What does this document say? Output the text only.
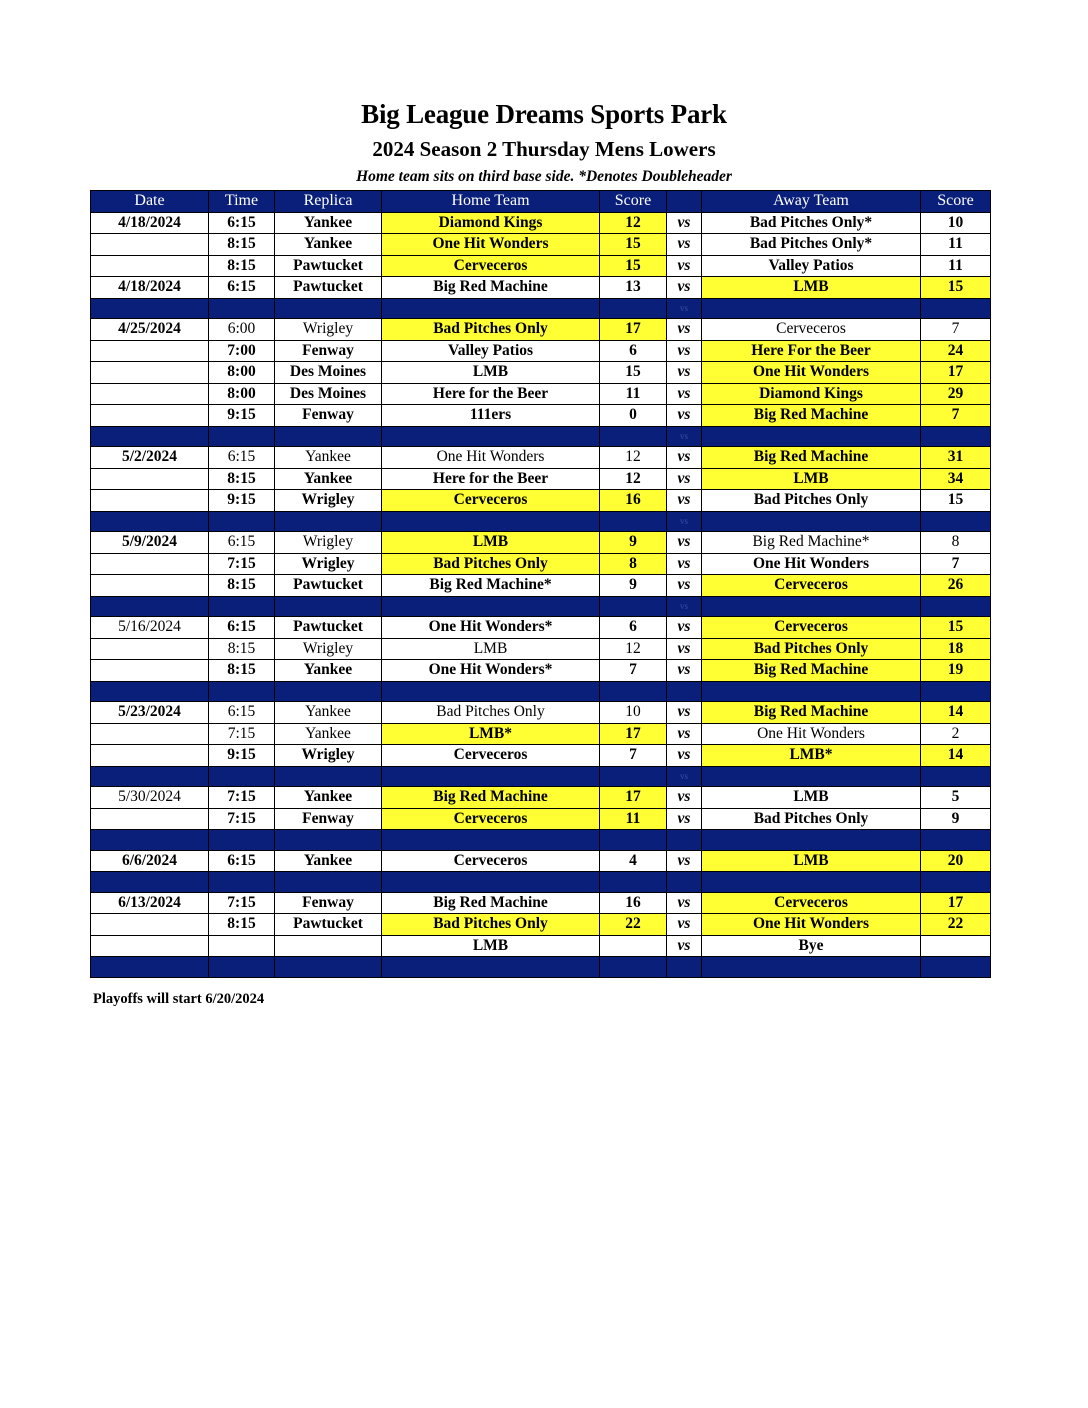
Big League Dreams Sports Park
2024 Season 2 Thursday Mens Lowers
Home team sits on third base side. *Denotes Doubleheader
Date	Time	Replica	Home Team	Score		Away Team	Score
4/18/2024	6:15	Yankee	Diamond Kings	12	vs	Bad Pitches Only*	10
	8:15	Yankee	One Hit Wonders	15	vs	Bad Pitches Only*	11
	8:15	Pawtucket	Cerveceros	15	vs	Valley Patios	11
4/18/2024	6:15	Pawtucket	Big Red Machine	13	vs	LMB	15
					vs		
4/25/2024	6:00	Wrigley	Bad Pitches Only	17	vs	Cerveceros	7
	7:00	Fenway	Valley Patios	6	vs	Here For the Beer	24
	8:00	Des Moines	LMB	15	vs	One Hit Wonders	17
	8:00	Des Moines	Here for the Beer	11	vs	Diamond Kings	29
	9:15	Fenway	111ers	0	vs	Big Red Machine	7
					vs		
5/2/2024	6:15	Yankee	One Hit Wonders	12	vs	Big Red Machine	31
	8:15	Yankee	Here for the Beer	12	vs	LMB	34
	9:15	Wrigley	Cerveceros	16	vs	Bad Pitches Only	15
					vs		
5/9/2024	6:15	Wrigley	LMB	9	vs	Big Red Machine*	8
	7:15	Wrigley	Bad Pitches Only	8	vs	One Hit Wonders	7
	8:15	Pawtucket	Big Red Machine*	9	vs	Cerveceros	26
					vs		
5/16/2024	6:15	Pawtucket	One Hit Wonders*	6	vs	Cerveceros	15
	8:15	Wrigley	LMB	12	vs	Bad Pitches Only	18
	8:15	Yankee	One Hit Wonders*	7	vs	Big Red Machine	19

5/23/2024	6:15	Yankee	Bad Pitches Only	10	vs	Big Red Machine	14
	7:15	Yankee	LMB*	17	vs	One Hit Wonders	2
	9:15	Wrigley	Cerveceros	7	vs	LMB*	14
					vs		
5/30/2024	7:15	Yankee	Big Red Machine	17	vs	LMB	5
	7:15	Fenway	Cerveceros	11	vs	Bad Pitches Only	9

6/6/2024	6:15	Yankee	Cerveceros	4	vs	LMB	20

6/13/2024	7:15	Fenway	Big Red Machine	16	vs	Cerveceros	17
	8:15	Pawtucket	Bad Pitches Only	22	vs	One Hit Wonders	22
			LMB		vs	Bye	

Playoffs will start 6/20/2024
